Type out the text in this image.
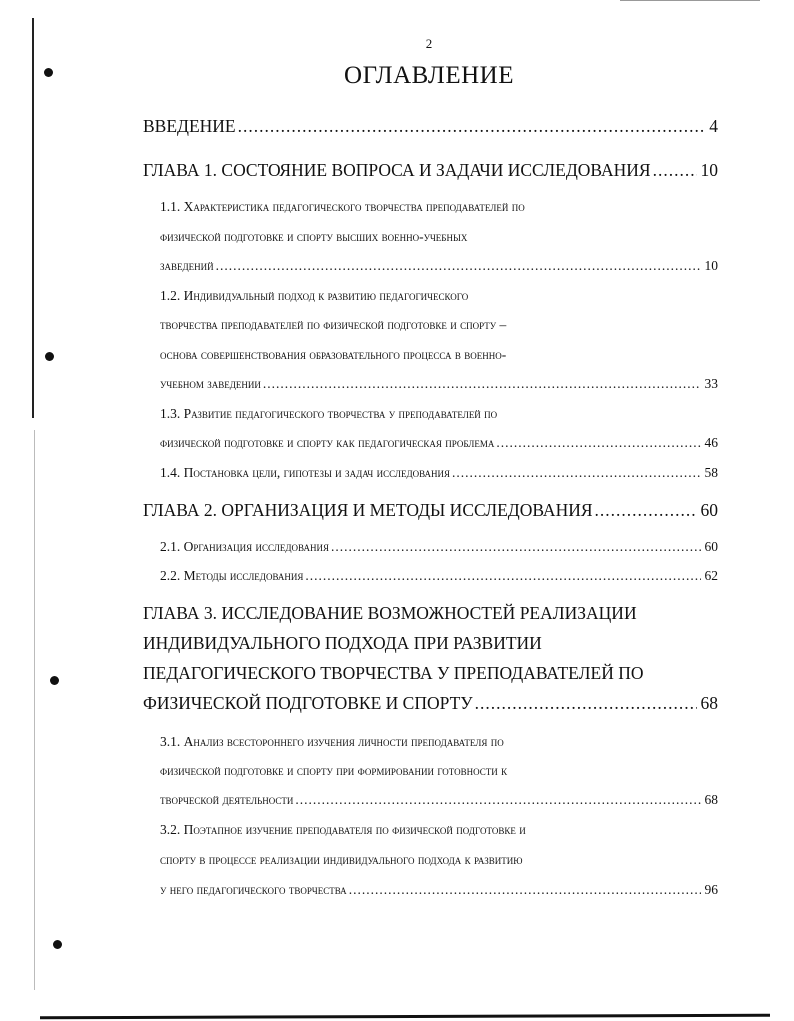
2
ОГЛАВЛЕНИЕ
ВВЕДЕНИЕ .....	4
ГЛАВА 1. СОСТОЯНИЕ ВОПРОСА И ЗАДАЧИ ИССЛЕДОВАНИЯ .....	10
1.1. Характеристика педагогического творчества преподавателей по
физической подготовке и спорту высших военно-учебных
заведений .....	10
1.2. Индивидуальный подход к развитию педагогического
творчества преподавателей по физической подготовке и спорту –
основа совершенствования образовательного процесса в военно-
учебном заведении .....	33
1.3. Развитие педагогического творчества у преподавателей по
физической подготовке и спорту как педагогическая проблема .....	46
1.4. Постановка цели, гипотезы и задач исследования .....	58
ГЛАВА 2. ОРГАНИЗАЦИЯ И МЕТОДЫ ИССЛЕДОВАНИЯ .....	60
2.1. Организация исследования .....	60
2.2. Методы исследования .....	62
ГЛАВА 3. ИССЛЕДОВАНИЕ ВОЗМОЖНОСТЕЙ РЕАЛИЗАЦИИ
ИНДИВИДУАЛЬНОГО ПОДХОДА ПРИ РАЗВИТИИ
ПЕДАГОГИЧЕСКОГО ТВОРЧЕСТВА У ПРЕПОДАВАТЕЛЕЙ ПО
ФИЗИЧЕСКОЙ ПОДГОТОВКЕ И СПОРТУ .....	68
3.1. Анализ всестороннего изучения личности преподавателя по
физической подготовке и спорту при формировании готовности к
творческой деятельности .....	68
3.2. Поэтапное изучение преподавателя по физической подготовке и
спорту в процессе реализации индивидуального подхода к развитию
у него педагогического творчества .....	96
